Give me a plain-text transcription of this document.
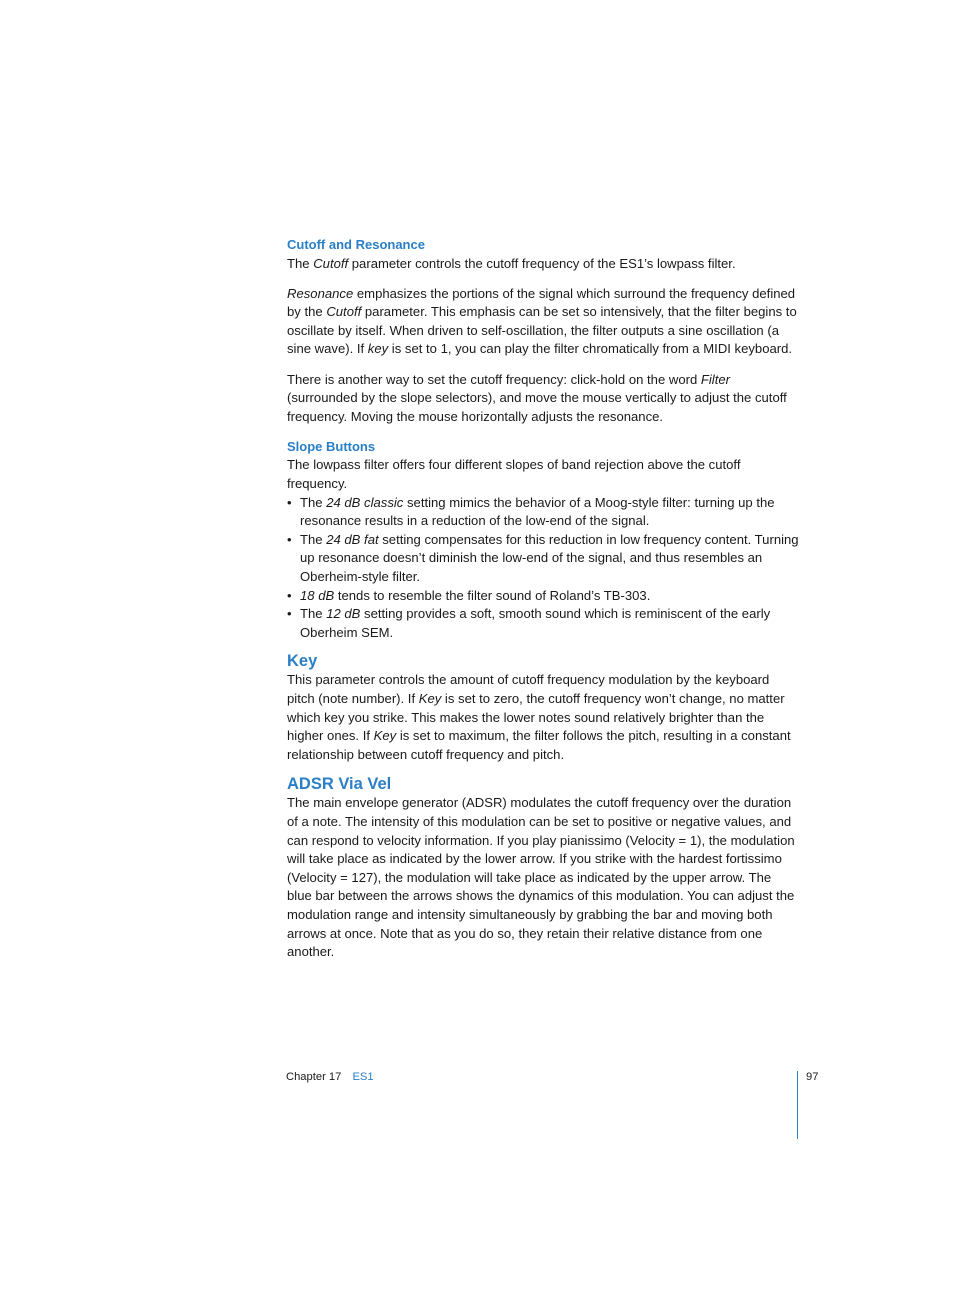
Cutoff and Resonance

The Cutoff parameter controls the cutoff frequency of the ES1’s lowpass filter.

Resonance emphasizes the portions of the signal which surround the frequency defined by the Cutoff parameter. This emphasis can be set so intensively, that the filter begins to oscillate by itself. When driven to self-oscillation, the filter outputs a sine oscillation (a sine wave). If key is set to 1, you can play the filter chromatically from a MIDI keyboard.

There is another way to set the cutoff frequency: click-hold on the word Filter (surrounded by the slope selectors), and move the mouse vertically to adjust the cutoff frequency. Moving the mouse horizontally adjusts the resonance.

Slope Buttons

The lowpass filter offers four different slopes of band rejection above the cutoff frequency.

• The 24 dB classic setting mimics the behavior of a Moog-style filter: turning up the resonance results in a reduction of the low-end of the signal.
• The 24 dB fat setting compensates for this reduction in low frequency content. Turning up resonance doesn’t diminish the low-end of the signal, and thus resembles an Oberheim-style filter.
• 18 dB tends to resemble the filter sound of Roland’s TB-303.
• The 12 dB setting provides a soft, smooth sound which is reminiscent of the early Oberheim SEM.
Key

This parameter controls the amount of cutoff frequency modulation by the keyboard pitch (note number). If Key is set to zero, the cutoff frequency won’t change, no matter which key you strike. This makes the lower notes sound relatively brighter than the higher ones. If Key is set to maximum, the filter follows the pitch, resulting in a constant relationship between cutoff frequency and pitch.

ADSR Via Vel

The main envelope generator (ADSR) modulates the cutoff frequency over the duration of a note. The intensity of this modulation can be set to positive or negative values, and can respond to velocity information. If you play pianissimo (Velocity = 1), the modulation will take place as indicated by the lower arrow. If you strike with the hardest fortissimo (Velocity = 127), the modulation will take place as indicated by the upper arrow. The blue bar between the arrows shows the dynamics of this modulation. You can adjust the modulation range and intensity simultaneously by grabbing the bar and moving both arrows at once. Note that as you do so, they retain their relative distance from one another.

Chapter 17 ES1	97
